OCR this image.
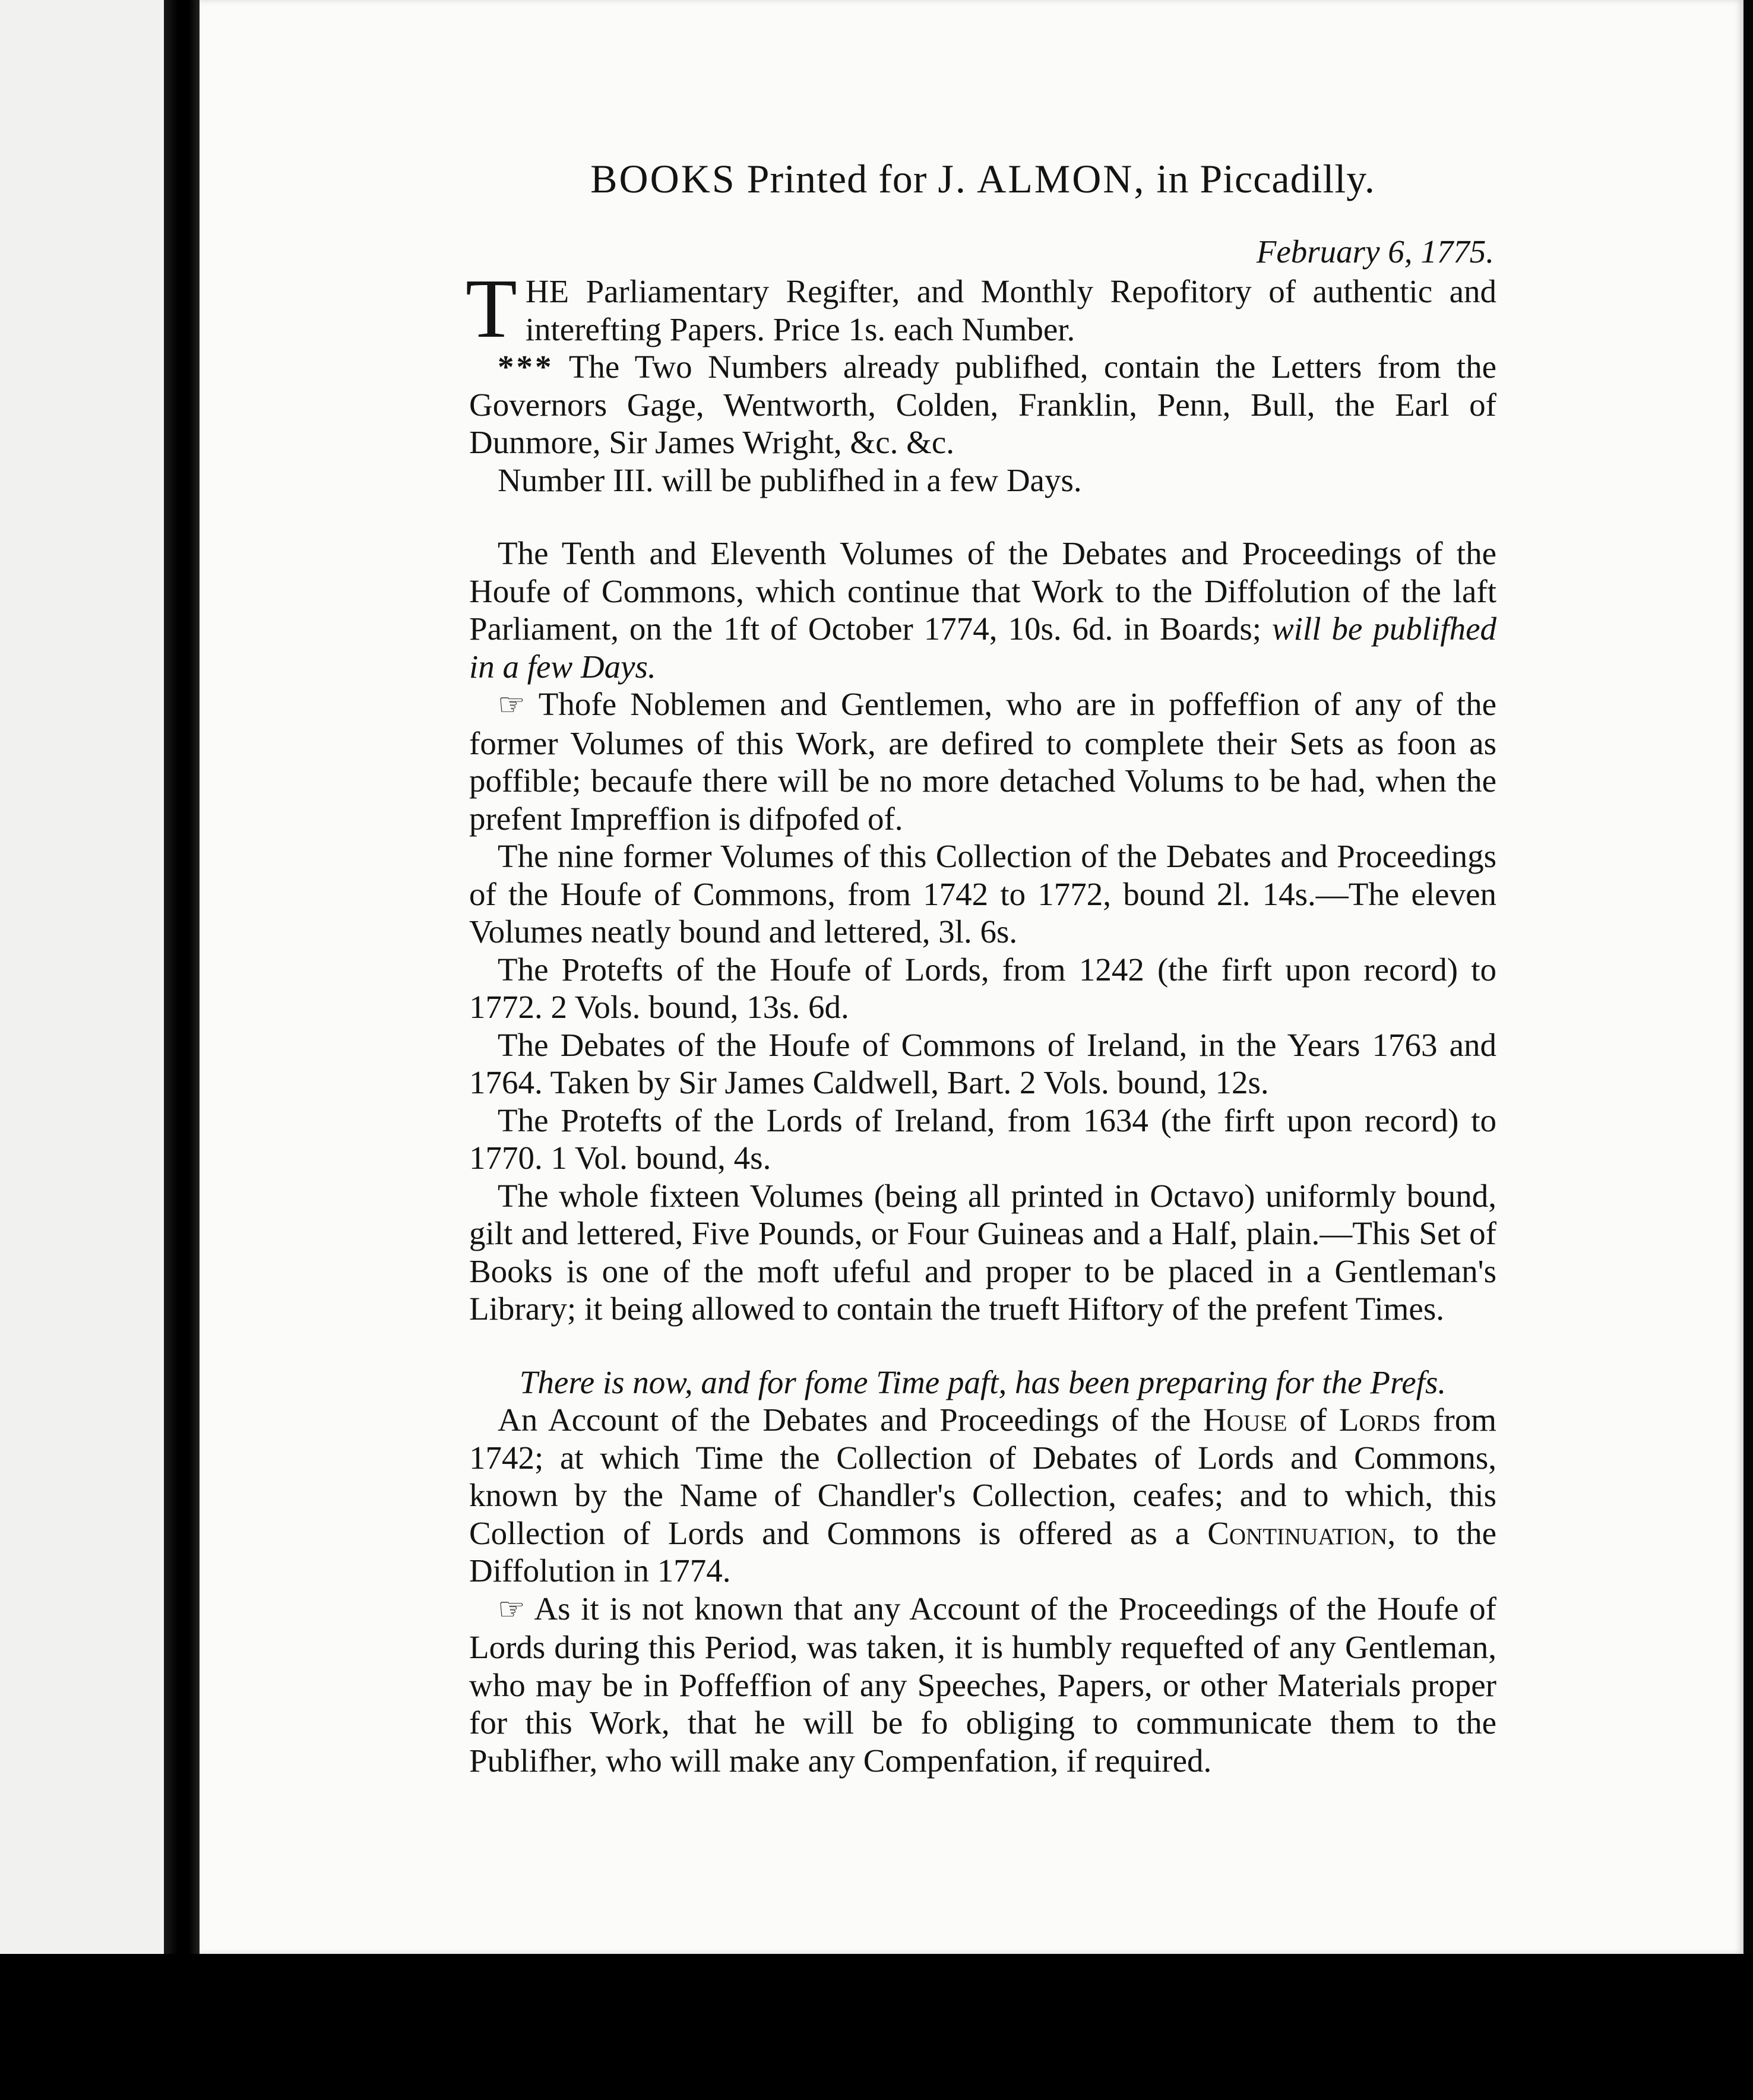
BOOKS Printed for J. ALMON, in Piccadilly.
February 6, 1775.

THE Parliamentary Regifter, and Monthly Repofitory of authentic and interefting Papers. Price 1s. each Number.

*** The Two Numbers already publifhed, contain the Letters from the Governors Gage, Wentworth, Colden, Franklin, Penn, Bull, the Earl of Dunmore, Sir James Wright, &c. &c.

Number III. will be publifhed in a few Days.

The Tenth and Eleventh Volumes of the Debates and Proceedings of the Houfe of Commons, which continue that Work to the Diffolution of the laft Parliament, on the 1ft of October 1774, 10s. 6d. in Boards; will be publifhed in a few Days.

☞ Thofe Noblemen and Gentlemen, who are in poffeffion of any of the former Volumes of this Work, are defired to complete their Sets as foon as poffible; becaufe there will be no more detached Volums to be had, when the prefent Impreffion is difpofed of.

The nine former Volumes of this Collection of the Debates and Proceedings of the Houfe of Commons, from 1742 to 1772, bound 2l. 14s.—The eleven Volumes neatly bound and lettered, 3l. 6s.

The Protefts of the Houfe of Lords, from 1242 (the firft upon record) to 1772. 2 Vols. bound, 13s. 6d.

The Debates of the Houfe of Commons of Ireland, in the Years 1763 and 1764. Taken by Sir James Caldwell, Bart. 2 Vols. bound, 12s.

The Protefts of the Lords of Ireland, from 1634 (the firft upon record) to 1770. 1 Vol. bound, 4s.

The whole fixteen Volumes (being all printed in Octavo) uniformly bound, gilt and lettered, Five Pounds, or Four Guineas and a Half, plain.—This Set of Books is one of the moft ufeful and proper to be placed in a Gentleman's Library; it being allowed to contain the trueft Hiftory of the prefent Times.

There is now, and for fome Time paft, has been preparing for the Prefs.

An Account of the Debates and Proceedings of the House of Lords from 1742; at which Time the Collection of Debates of Lords and Commons, known by the Name of Chandler's Collection, ceafes; and to which, this Collection of Lords and Commons is offered as a Continuation, to the Diffolution in 1774.

☞ As it is not known that any Account of the Proceedings of the Houfe of Lords during this Period, was taken, it is humbly requefted of any Gentleman, who may be in Poffeffion of any Speeches, Papers, or other Materials proper for this Work, that he will be fo obliging to communicate them to the Publifher, who will make any Compenfation, if required.
